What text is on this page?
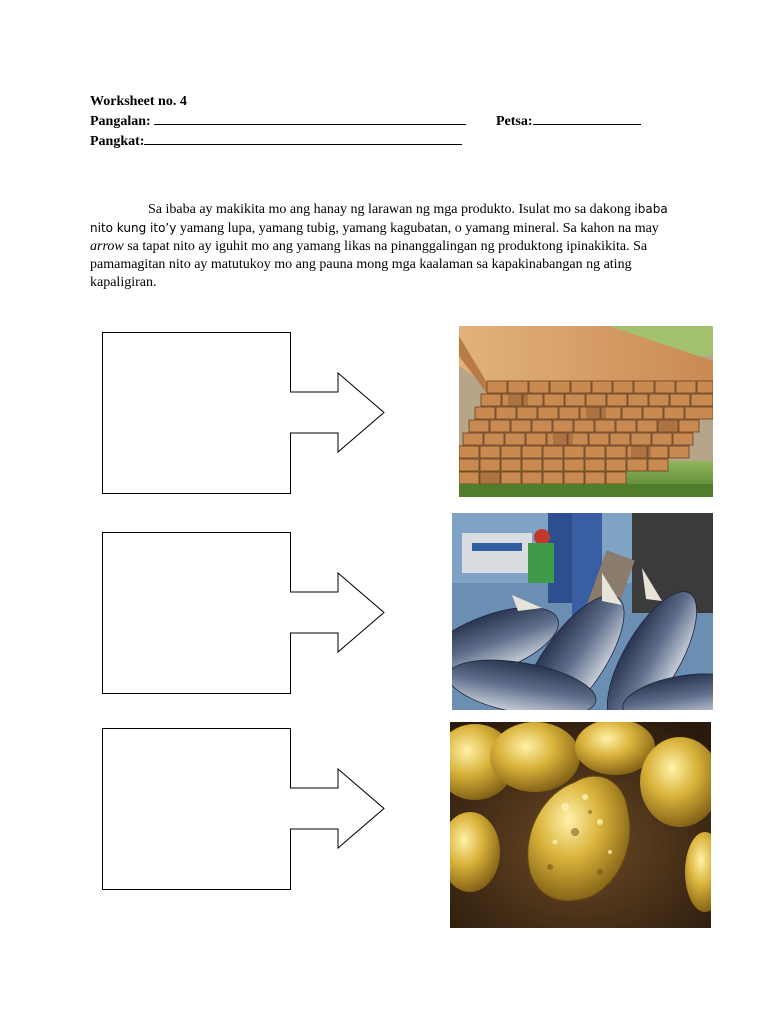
Worksheet no. 4
Pangalan:	Petsa:
Pangkat:

Sa ibaba ay makikita mo ang hanay ng larawan ng mga produkto. Isulat mo sa dakong ibaba nito kung ito’y yamang lupa, yamang tubig, yamang kagubatan, o yamang mineral. Sa kahon na may arrow sa tapat nito ay iguhit mo ang yamang likas na pinanggalingan ng produktong ipinakikita. Sa pamamagitan nito ay matutukoy mo ang pauna mong mga kaalaman sa kapakinabangan ng ating kapaligiran.
